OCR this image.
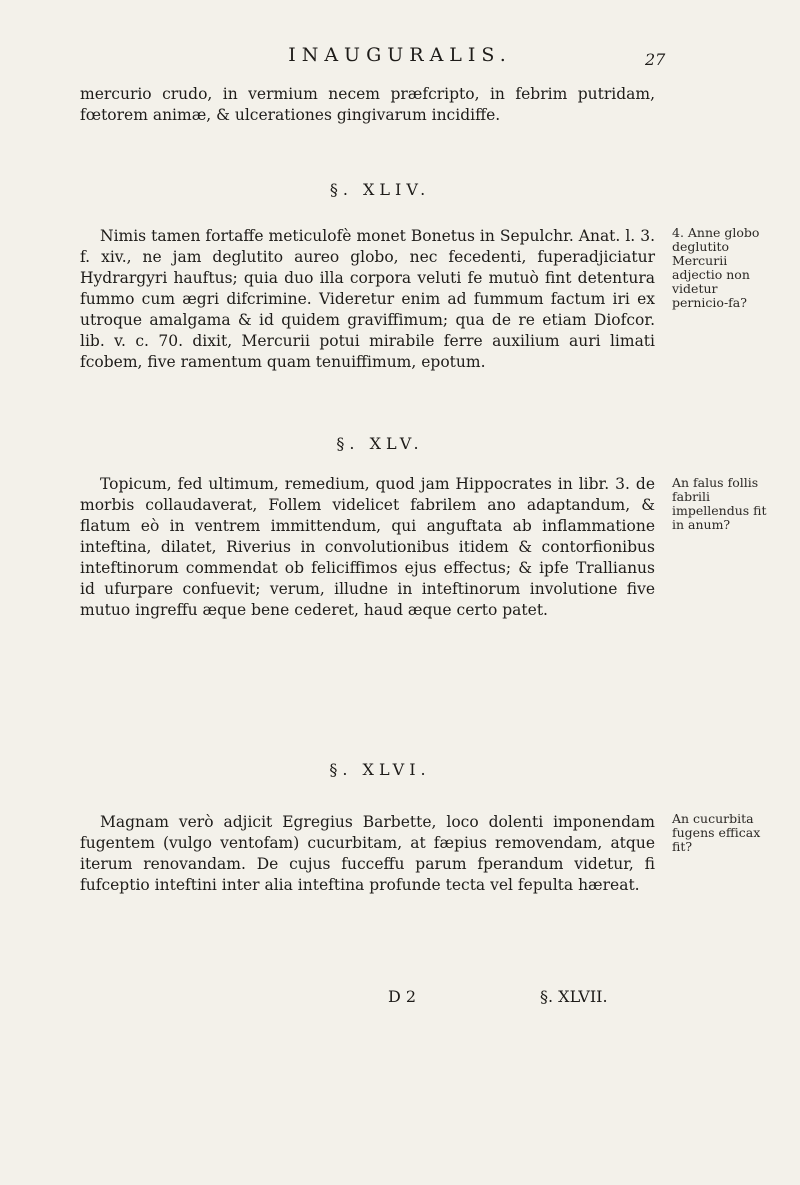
INAUGURALIS.	27
mercurio crudo, in vermium necem præfcripto, in febrim putridam, fœtorem animæ, & ulcerationes gingivarum incidiffe.
§. XLIV.
Nimis tamen fortaffe meticulofè monet Bonetus in Sepulchr. Anat. l. 3. f. xiv., ne jam deglutito aureo globo, nec fecedenti, fuperadjiciatur Hydrargyri hauftus; quia duo illa corpora veluti fe mutuò fint detentura fummo cum ægri difcrimine. Videretur enim ad fummum factum iri ex utroque amalgama & id quidem graviffimum; qua de re etiam Diofcor. lib. v. c. 70. dixit, Mercurii potui mirabile ferre auxilium auri limati fcobem, five ramentum quam tenuiffimum, epotum.
4. Anne globo deglutito Mercurii adjectio non videtur pernicio-fa?
§. XLV.
Topicum, fed ultimum, remedium, quod jam Hippocrates in libr. 3. de morbis collaudaverat, Follem videlicet fabrilem ano adaptandum, & flatum eò in ventrem immittendum, qui anguftata ab inflammatione inteftina, dilatet, Riverius in convolutionibus itidem & contorfionibus inteftinorum commendat ob feliciffimos ejus effectus; & ipfe Trallianus id ufurpare confuevit; verum, illudne in inteftinorum involutione five mutuo ingreffu æque bene cederet, haud æque certo patet.
An falus follis fabrili impellendus fit in anum?
§. XLVI.
Magnam verò adjicit Egregius Barbette, loco dolenti imponendam fugentem (vulgo ventofam) cucurbitam, at fæpius removendam, atque iterum renovandam. De cujus fucceffu parum fperandum videtur, fi fufceptio inteftini inter alia inteftina profunde tecta vel fepulta hæreat.
An cucurbita fugens efficax fit?
D 2	§. XLVII.
